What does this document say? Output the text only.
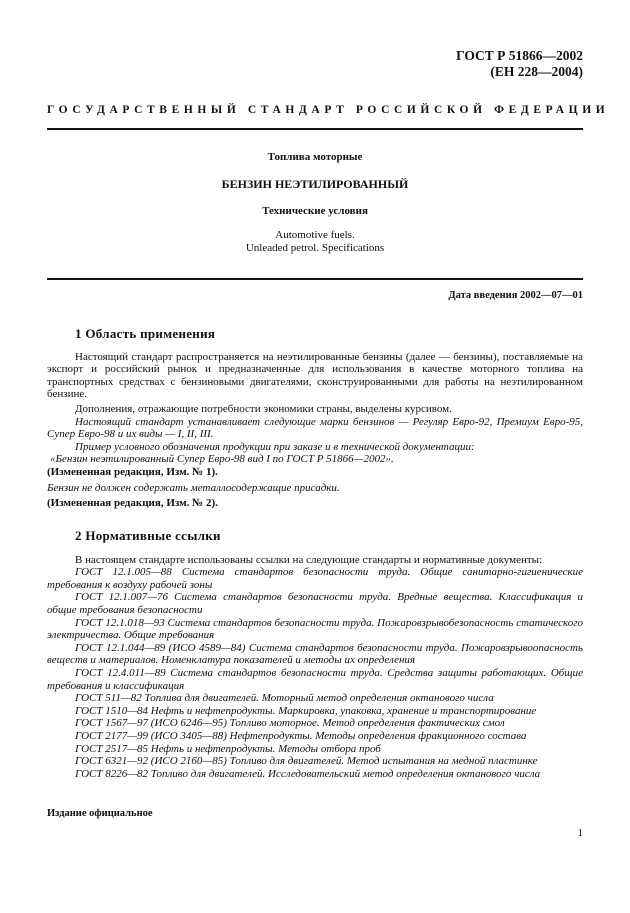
ГОСТ Р 51866—2002
(ЕН 228—2004)
ГОСУДАРСТВЕННЫЙ СТАНДАРТ РОССИЙСКОЙ ФЕДЕРАЦИИ
Топлива моторные
БЕНЗИН НЕЭТИЛИРОВАННЫЙ
Технические условия
Automotive fuels.
Unleaded petrol. Specifications
Дата введения 2002—07—01
1 Область применения

Настоящий стандарт распространяется на неэтилированные бензины (далее — бензины), поставляемые на экспорт и российский рынок и предназначенные для использования в качестве моторного топлива на транспортных средствах с бензиновыми двигателями, сконструированными для работы на неэтилированном бензине.

Дополнения, отражающие потребности экономики страны, выделены курсивом.

Настоящий стандарт устанавливает следующие марки бензинов — Регуляр Евро-92, Премиум Евро-95, Супер Евро-98 и их виды — I, II, III.

Пример условного обозначения продукции при заказе и в технической документации:

«Бензин неэтилированный Супер Евро-98 вид I по ГОСТ Р 51866—2002».

(Измененная редакция, Изм. № 1).

Бензин не должен содержать металлосодержащие присадки.

(Измененная редакция, Изм. № 2).

2 Нормативные ссылки

В настоящем стандарте использованы ссылки на следующие стандарты и нормативные документы:

ГОСТ 12.1.005—88 Система стандартов безопасности труда. Общие санитарно-гигиенические требования к воздуху рабочей зоны

ГОСТ 12.1.007—76 Система стандартов безопасности труда. Вредные вещества. Классификация и общие требования безопасности

ГОСТ 12.1.018—93 Система стандартов безопасности труда. Пожаровзрывобезопасность статического электричества. Общие требования

ГОСТ 12.1.044—89 (ИСО 4589—84) Система стандартов безопасности труда. Пожаровзрывоопасность веществ и материалов. Номенклатура показателей и методы их определения

ГОСТ 12.4.011—89 Система стандартов безопасности труда. Средства защиты работающих. Общие требования и классификация

ГОСТ 511—82 Топлива для двигателей. Моторный метод определения октанового числа

ГОСТ 1510—84 Нефть и нефтепродукты. Маркировка, упаковка, хранение и транспортирование

ГОСТ 1567—97 (ИСО 6246—95) Топливо моторное. Метод определения фактических смол

ГОСТ 2177—99 (ИСО 3405—88) Нефтепродукты. Методы определения фракционного состава

ГОСТ 2517—85 Нефть и нефтепродукты. Методы отбора проб

ГОСТ 6321—92 (ИСО 2160—85) Топливо для двигателей. Метод испытания на медной пластинке

ГОСТ 8226—82 Топливо для двигателей. Исследовательский метод определения октанового числа

Издание официальное
1
